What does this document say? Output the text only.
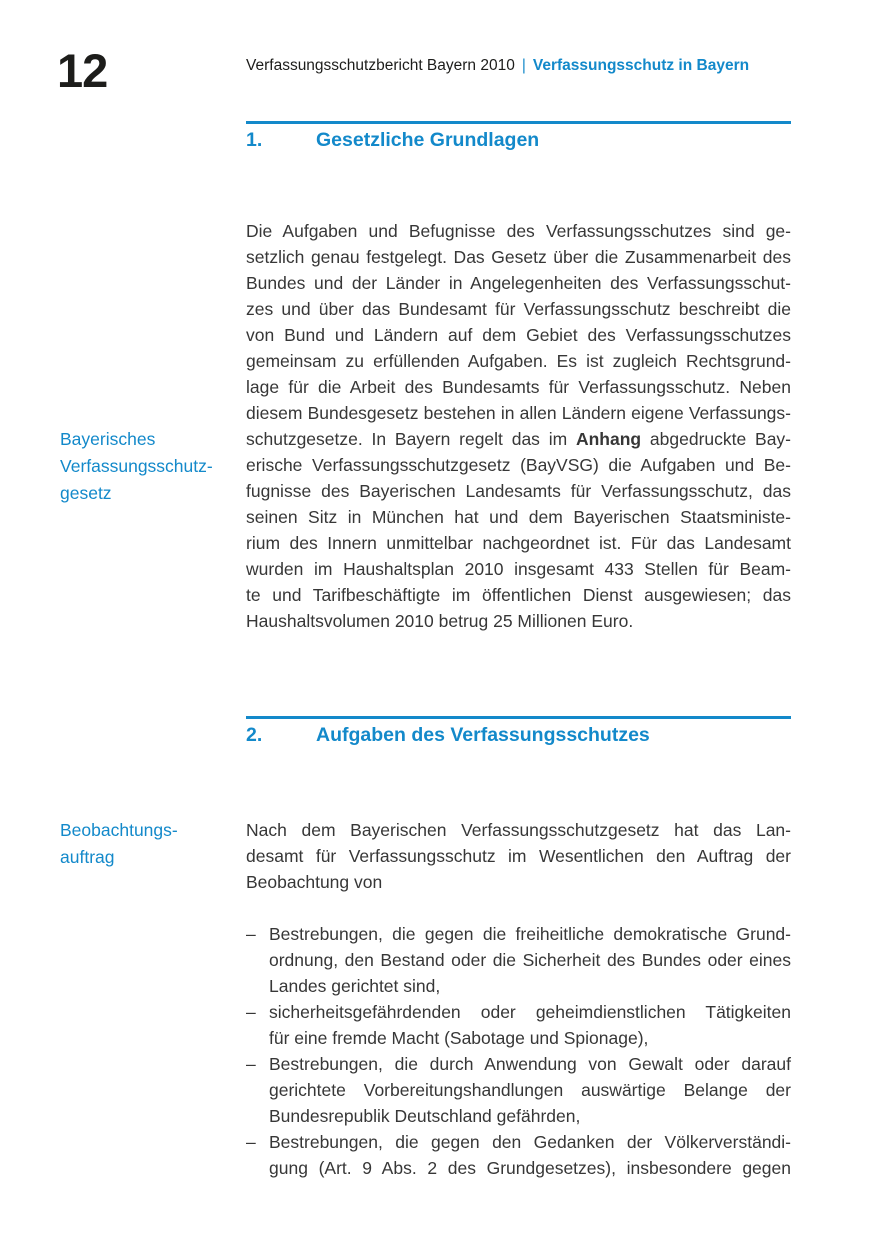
12	Verfassungsschutzbericht Bayern 2010 | Verfassungsschutz in Bayern
1.	Gesetzliche Grundlagen
Die Aufgaben und Befugnisse des Verfassungsschutzes sind ge-
setzlich genau festgelegt. Das Gesetz über die Zusammenarbeit des
Bundes und der Länder in Angelegenheiten des Verfassungsschut-
zes und über das Bundesamt für Verfassungsschutz beschreibt die
von Bund und Ländern auf dem Gebiet des Verfassungsschutzes
gemeinsam zu erfüllenden Aufgaben. Es ist zugleich Rechtsgrund-
lage für die Arbeit des Bundesamts für Verfassungsschutz. Neben
diesem Bundesgesetz bestehen in allen Ländern eigene Verfassungs-
schutzgesetze. In Bayern regelt das im Anhang abgedruckte Bay-
erische Verfassungsschutzgesetz (BayVSG) die Aufgaben und Be-
fugnisse des Bayerischen Landesamts für Verfassungsschutz, das
seinen Sitz in München hat und dem Bayerischen Staatsministe-
rium des Innern unmittelbar nachgeordnet ist. Für das Landesamt
wurden im Haushaltsplan 2010 insgesamt 433 Stellen für Beam-
te und Tarifbeschäftigte im öffentlichen Dienst ausgewiesen; das
Haushaltsvolumen 2010 betrug 25 Millionen Euro.
Bayerisches
Verfassungsschutz-
gesetz
2.	Aufgaben des Verfassungsschutzes
Beobachtungs-
auftrag
Nach dem Bayerischen Verfassungsschutzgesetz hat das Lan-
desamt für Verfassungsschutz im Wesentlichen den Auftrag der
Beobachtung von
– Bestrebungen, die gegen die freiheitliche demokratische Grund-
ordnung, den Bestand oder die Sicherheit des Bundes oder eines
Landes gerichtet sind,
– sicherheitsgefährdenden oder geheimdienstlichen Tätigkeiten
für eine fremde Macht (Sabotage und Spionage),
– Bestrebungen, die durch Anwendung von Gewalt oder darauf
gerichtete Vorbereitungshandlungen auswärtige Belange der
Bundesrepublik Deutschland gefährden,
– Bestrebungen, die gegen den Gedanken der Völkerverständi-
gung (Art. 9 Abs. 2 des Grundgesetzes), insbesondere gegen
